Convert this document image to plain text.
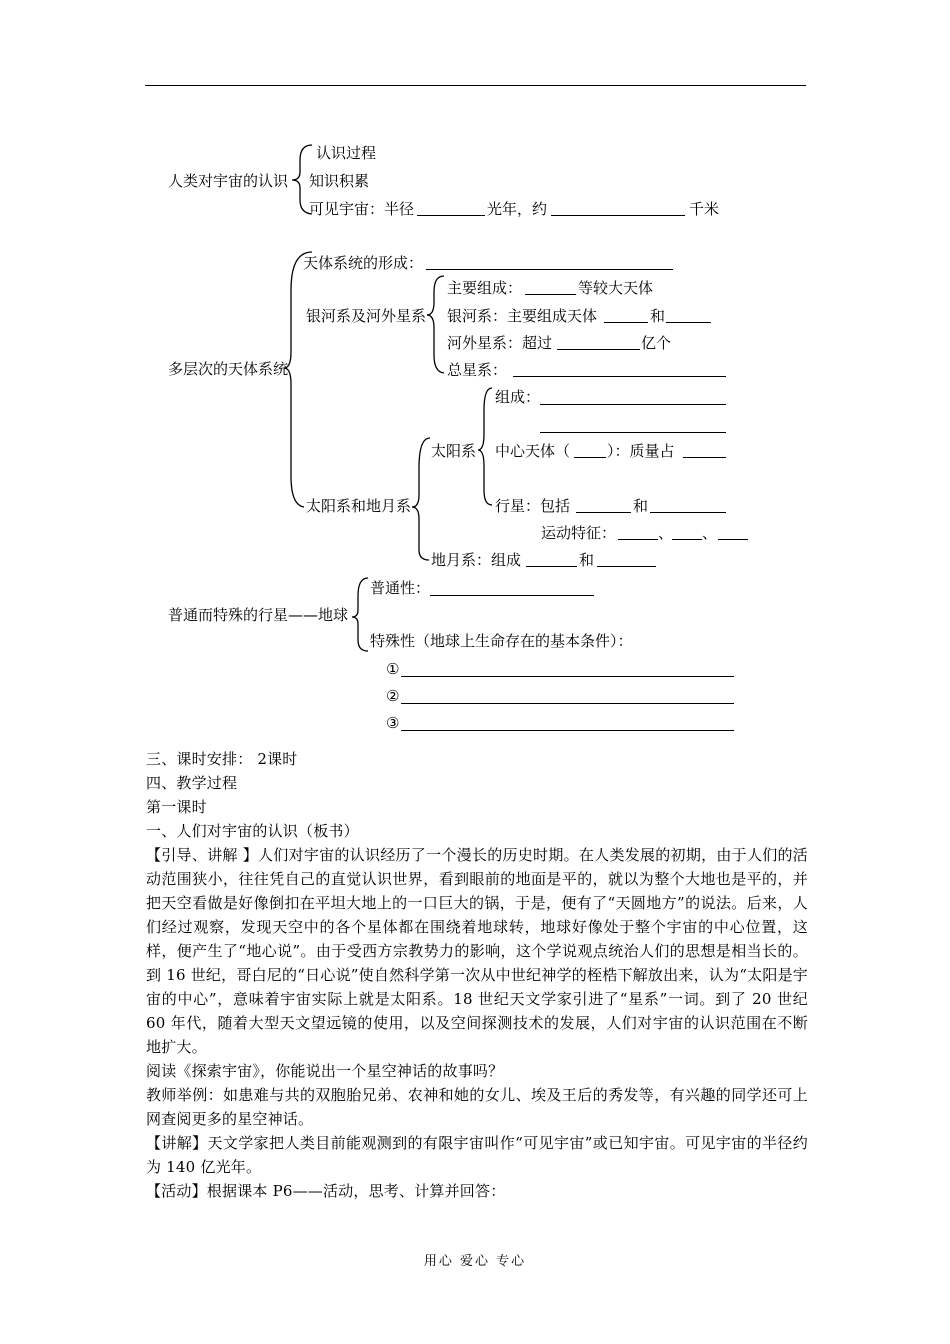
人类对宇宙的认识
认识过程
知识积累
可见宇宙：半径	光年，约	千米
多层次的天体系统
天体系统的形成：
银河系及河外星系
主要组成：	等较大天体
银河系：主要组成天体	和
河外星系：超过	亿个
总星系：
太阳系和地月系
太阳系
组成：
中心天体（ ）：质量占
行星：包括	和
运动特征：	、 、
地月系：组成	和
普通而特殊的行星——地球
普通性：
特殊性（地球上生命存在的基本条件）：
①
②
③

三、课时安排： 2课时

四、教学过程

第一课时

一、人们对宇宙的认识（板书）

【引导、讲解 】人们对宇宙的认识经历了一个漫长的历史时期。在人类发展的初期，由于人们的活动范围狭小，往往凭自己的直觉认识世界，看到眼前的地面是平的，就以为整个大地也是平的，并把天空看做是好像倒扣在平坦大地上的一口巨大的锅，于是，便有了“天圆地方”的说法。后来，人们经过观察，发现天空中的各个星体都在围绕着地球转，地球好像处于整个宇宙的中心位置，这样，便产生了“地心说”。由于受西方宗教势力的影响，这个学说观点统治人们的思想是相当长的。到 16 世纪，哥白尼的“日心说”使自然科学第一次从中世纪神学的桎梏下解放出来，认为“太阳是宇宙的中心”，意味着宇宙实际上就是太阳系。18 世纪天文学家引进了“星系”一词。到了 20 世纪 60 年代，随着大型天文望远镜的使用，以及空间探测技术的发展，人们对宇宙的认识范围在不断地扩大。

阅读《探索宇宙》，你能说出一个星空神话的故事吗？

教师举例：如患难与共的双胞胎兄弟、农神和她的女儿、埃及王后的秀发等，有兴趣的同学还可上网查阅更多的星空神话。

【讲解】天文学家把人类目前能观测到的有限宇宙叫作“可见宇宙”或已知宇宙。可见宇宙的半径约为 140 亿光年。

【活动】根据课本 P6——活动，思考、计算并回答：

用心 爱心 专心
